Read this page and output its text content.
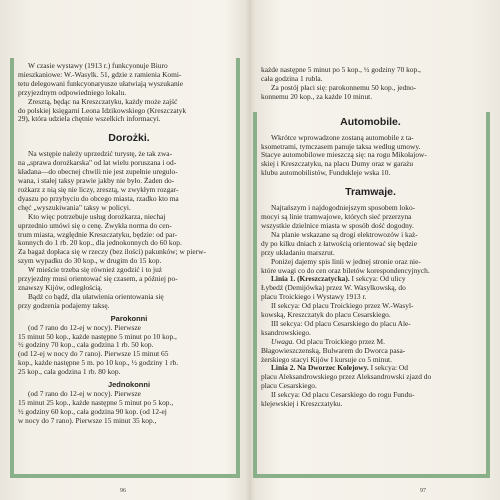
W czasie wystawy (1913 r.) funkcyonuje Biuro
mieszkaniowe: W.-Wasylk. 51, gdzie z ramienia Komi-
tetu delegowani funkcyonaryusze ułatwiają wyszukanie
przyjezdnym odpowiedniego lokalu.
Zresztą, będąc na Kreszczatyku, każdy może zajść
do polskiej księgarni Leona Idzikowskiego (Kreszczatyk
29), która udziela chętnie wszelkich informacyi.

Dorożki.

Na wstępie należy uprzedzić turystę, że tak zwa-
na „sprawa dorożkarska" od lat wielu poruszana i od-
kładana—do obecnej chwili nie jest zupełnie uregulo-
wana, i stałej taksy prawie jakby nie było. Żaden do-
rożkarz z nią się nie liczy, zresztą, w zwykłym rozgar-
dyaszu po przybyciu do obcego miasta, rzadko kto ma
chęć „wyszukiwania" taksy w policyi.
Kto więc potrzebuje usług dorożkarza, niechaj
uprzednio umówi się o cenę. Zwykła norma do cen-
trum miasta, względnie Kreszczatyku, będzie: od par-
konnych do 1 rb. 20 kop., dla jednokonnych do 60 kop.
Za bagaż dopłaca się w rzeczy (bez ilości) pakunków; w pierw-
szym wypadku do 30 kop., w drugim do 15 kop.
W mieście trzeba się również zgodzić i to już
przyjezdny musi orientować się czasem, a później po-
znawszy Kijów, odległością.
Bądź co bądź, dla ułatwienia orientowania się
przy godzenia podajemy taksę.

Parokonni

(od 7 rano do 12-ej w nocy). Pierwsze
15 minut 50 kop., każde następne 5 minut po 10 kop.,
½ godziny 70 kop., cała godzina 1 rb. 50 kop.
(od 12-ej w nocy do 7 rano). Pierwsze 15 minut 65
kop., każde następne 5 m. po 10 kop., ½ godziny 1 rb.
25 kop., cała godzina 1 rb. 80 kop.

Jednokonni

(od 7 rano do 12-ej w nocy). Pierwsze
15 minut 25 kop., każde następne 5 minut po 5 kop.,
½ godziny 60 kop., cała godzina 90 kop. (od 12-ej
w nocy do 7 rano). Pierwsze 15 minut 35 kop.,

96

każde następne 5 minut po 5 kop., ½ godziny 70 kop.,
cała godzina 1 rubla.
Za postój płaci się: parokonnemu 50 kop., jedno-
konnemu 20 kop., za każde 10 minut.

Automobile.

Wkrótce wprowadzone zostaną automobile z ta-
ksometrami, tymczasem panuje taksa według umowy.
Stacye automobilowe mieszczą się: na rogu Mikołajow-
skiej i Kreszczatyku, na placu Dumy oraz w garażu
klubu automobilistów, Fundukleje wska 10.

Tramwaje.

Najtańszym i najdogodniejszym sposobem loko-
mocyi są linie tramwajowe, których sieć przerzyna
wszystkie dzielnice miasta w sposób dość dogodny.
Na planie wskazane są drogi elektrowozów i każ-
dy po kilku dniach z łatwością orientować się będzie
przy układaniu marszrut.
Poniżej dajemy spis linii w jednej stronie oraz nie-
które uwagi co do cen oraz biletów korespondencyjnych.

Linia 1. (Kreszczatycka). I sekcya: Od ulicy
Łybedź (Demijówka) przez W. Wasylkowską, do
placu Troickiego i Wystawy 1913 r.
II sekcya: Od placu Troickiego przez W.-Wasyl-
kowską, Kreszczatyk do placu Cesarskiego.
III sekcya: Od placu Cesarskiego do placu Ale-
ksandrowskiego.

Uwaga. Od placu Troickiego przez M.
Błagowieszczenską, Bulwarem do Dworca pasa-
żerskiego stacyi Kijów I kursuje co 5 minut.

Linia 2. Na Dworzec Kolejowy. I sekcya: Od
placu Aleksandrowskiego przez Aleksandrowski zjazd do
placu Cesarskiego.
II sekcya: Od placu Cesarskiego do rogu Fundu-
klejewskiej i Kreszczatyku.

97
